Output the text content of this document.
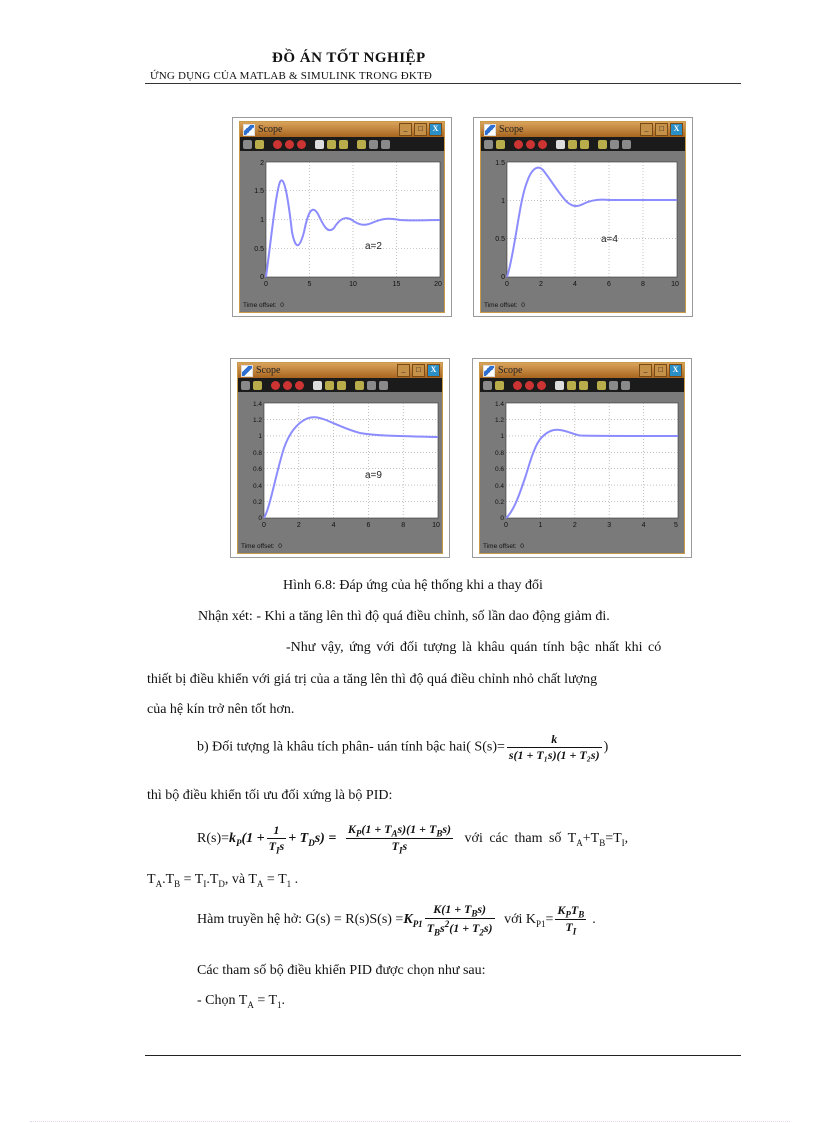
ĐỒ ÁN TỐT NGHIỆP
ỨNG DỤNG CỦA MATLAB & SIMULINK TRONG ĐKTĐ
Scope	_	□	X
2
1.5
1
0.5
0
0	5	10	15	20
a=2
Time offset: 0
Scope	_	□	X
1.5
1
0.5
0
0	2	4	6	8	10
a=4
Time offset: 0
Scope	_	□	X
1.4
1.2
1
0.8
0.6
0.4
0.2
0
0	2	4	6	8	10
a=9
Time offset: 0
Scope	_	□	X
1.4
1.2
1
0.8
0.6
0.4
0.2
0
0	1	2	3	4	5
Time offset: 0
Hình 6.8: Đáp ứng của hệ thống khi a thay đổi
Nhận xét: - Khi a tăng lên thì độ quá điều chỉnh, số lần dao động giảm đi.
-Như vậy, ứng với đối tượng là khâu quán tính bậc nhất khi có
thiết bị điều khiển với giá trị của a tăng lên thì độ quá điều chỉnh nhỏ chất lượng
của hệ kín trở nên tốt hơn.
b) Đối tượng là khâu tích phân- uán tính bậc hai( $S(s)= \frac{k}{\text{s(1 + T₁s)(1 + T₂s)}}$ )
thì bộ điều khiển tối ưu đối xứng là bộ PID:
$R(s)=k_P(1 + \frac{1}{T_Is} + T_Ds) = \frac{K_P(1 + T_As)(1 + T_Bs)}{T_Is}$ với các tham số $T_A+T_B=T_I$,
$T_A.T_B = T_I.T_D$, và $T_A = T_1$ .
Hàm truyền hệ hở: $G(s) = R(s)S(s) =K_{P1} \frac{K(1 + T_Bs)}{T_Bs^2(1 + T_2s)}$ với $K_{P1}= \frac{K_PT_B}{T_I}$ .
Các tham số bộ điều khiển PID được chọn như sau:
- Chọn $T_A = T_1$.
